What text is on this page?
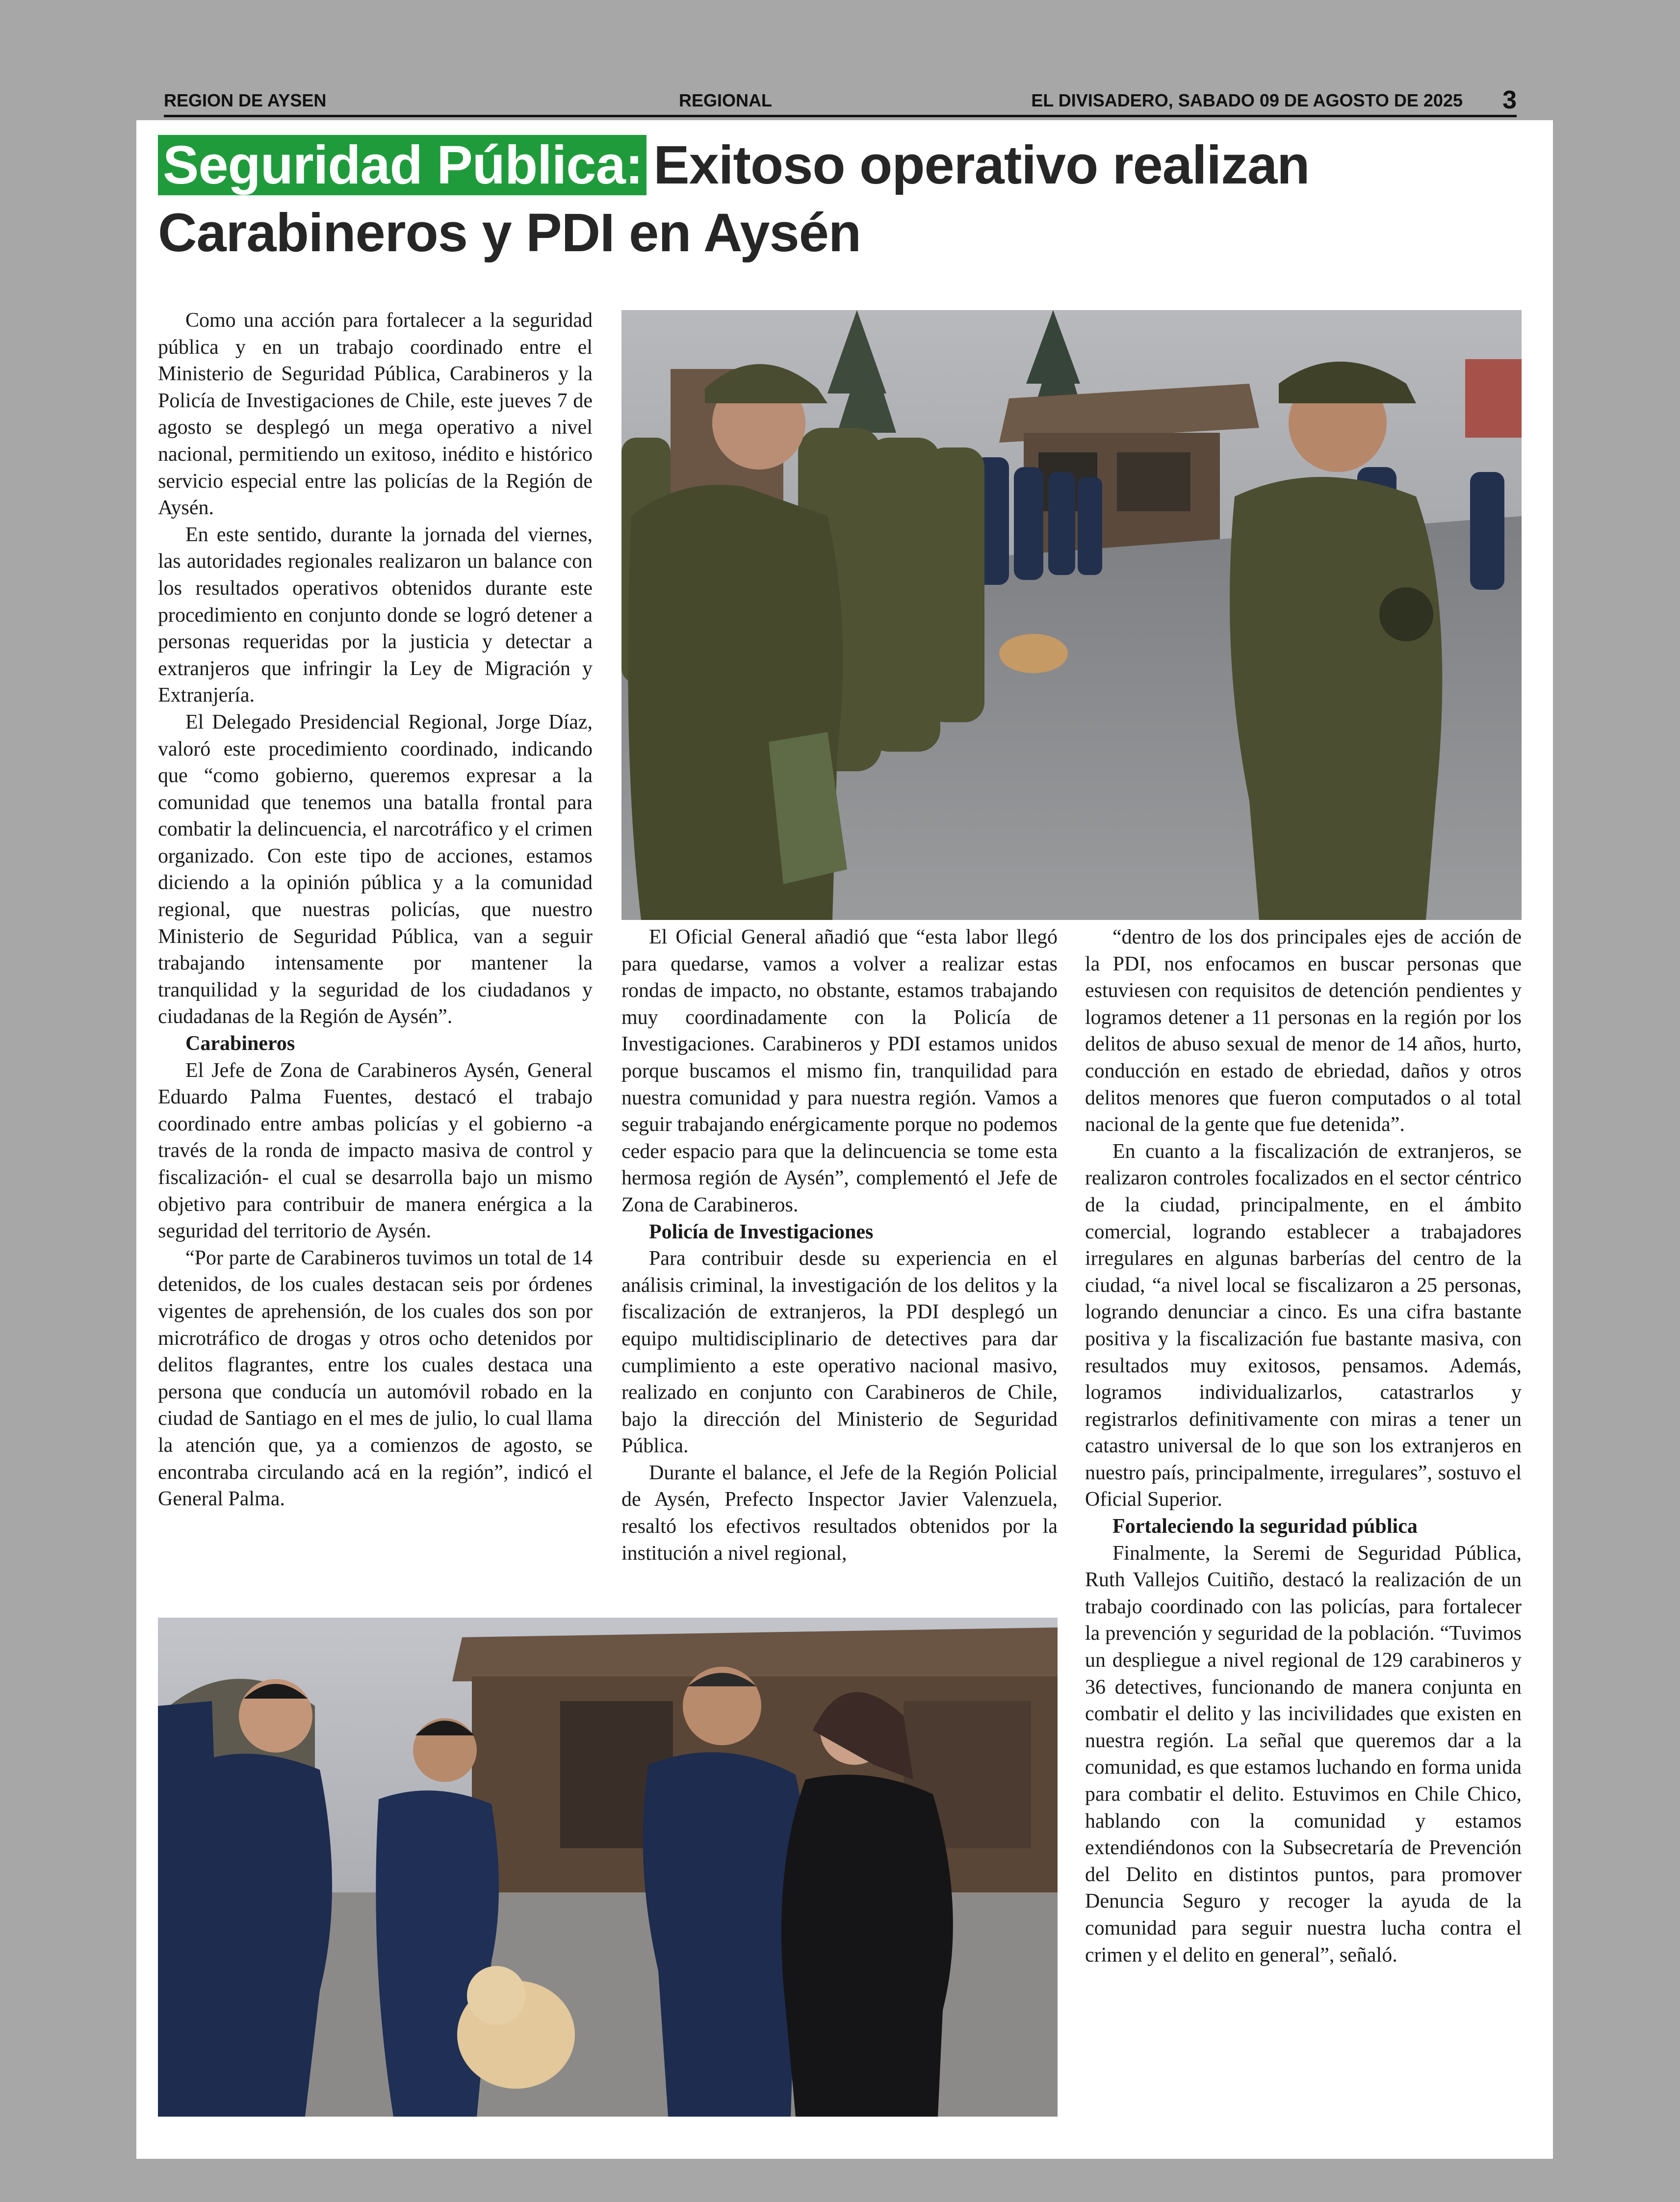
REGION DE AYSEN	REGIONAL	EL DIVISADERO, SABADO 09 DE AGOSTO DE 2025 3
Seguridad Pública: Exitoso operativo realizan
Carabineros y PDI en Aysén

Como una acción para fortalecer a la seguridad pública y en un trabajo coordinado entre el Ministerio de Seguridad Pública, Carabineros y la Policía de Investigaciones de Chile, este jueves 7 de agosto se desplegó un mega operativo a nivel nacional, permitiendo un exitoso, inédito e histórico servicio especial entre las policías de la Región de Aysén.

En este sentido, durante la jornada del viernes, las autoridades regionales realizaron un balance con los resultados operativos obtenidos durante este procedimiento en conjunto donde se logró detener a personas requeridas por la justicia y detectar a extranjeros que infringir la Ley de Migración y Extranjería.

El Delegado Presidencial Regional, Jorge Díaz, valoró este procedimiento coordinado, indicando que “como gobierno, queremos expresar a la comunidad que tenemos una batalla frontal para combatir la delincuencia, el narcotráfico y el crimen organizado. Con este tipo de acciones, estamos diciendo a la opinión pública y a la comunidad regional, que nuestras policías, que nuestro Ministerio de Seguridad Pública, van a seguir trabajando intensamente por mantener la tranquilidad y la seguridad de los ciudadanos y ciudadanas de la Región de Aysén”.

Carabineros

El Jefe de Zona de Carabineros Aysén, General Eduardo Palma Fuentes, destacó el trabajo coordinado entre ambas policías y el gobierno -a través de la ronda de impacto masiva de control y fiscalización- el cual se desarrolla bajo un mismo objetivo para contribuir de manera enérgica a la seguridad del territorio de Aysén.

“Por parte de Carabineros tuvimos un total de 14 detenidos, de los cuales destacan seis por órdenes vigentes de aprehensión, de los cuales dos son por microtráfico de drogas y otros ocho detenidos por delitos flagrantes, entre los cuales destaca una persona que conducía un automóvil robado en la ciudad de Santiago en el mes de julio, lo cual llama la atención que, ya a comienzos de agosto, se encontraba circulando acá en la región”, indicó el General Palma.

El Oficial General añadió que “esta labor llegó para quedarse, vamos a volver a realizar estas rondas de impacto, no obstante, estamos trabajando muy coordinadamente con la Policía de Investigaciones. Carabineros y PDI estamos unidos porque buscamos el mismo fin, tranquilidad para nuestra comunidad y para nuestra región. Vamos a seguir trabajando enérgicamente porque no podemos ceder espacio para que la delincuencia se tome esta hermosa región de Aysén”, complementó el Jefe de Zona de Carabineros.

Policía de Investigaciones

Para contribuir desde su experiencia en el análisis criminal, la investigación de los delitos y la fiscalización de extranjeros, la PDI desplegó un equipo multidisciplinario de detectives para dar cumplimiento a este operativo nacional masivo, realizado en conjunto con Carabineros de Chile, bajo la dirección del Ministerio de Seguridad Pública.

Durante el balance, el Jefe de la Región Policial de Aysén, Prefecto Inspector Javier Valenzuela, resaltó los efectivos resultados obtenidos por la institución a nivel regional,

“dentro de los dos principales ejes de acción de la PDI, nos enfocamos en buscar personas que estuviesen con requisitos de detención pendientes y logramos detener a 11 personas en la región por los delitos de abuso sexual de menor de 14 años, hurto, conducción en estado de ebriedad, daños y otros delitos menores que fueron computados o al total nacional de la gente que fue detenida”.

En cuanto a la fiscalización de extranjeros, se realizaron controles focalizados en el sector céntrico de la ciudad, principalmente, en el ámbito comercial, logrando establecer a trabajadores irregulares en algunas barberías del centro de la ciudad, “a nivel local se fiscalizaron a 25 personas, logrando denunciar a cinco. Es una cifra bastante positiva y la fiscalización fue bastante masiva, con resultados muy exitosos, pensamos. Además, logramos individualizarlos, catastrarlos y registrarlos definitivamente con miras a tener un catastro universal de lo que son los extranjeros en nuestro país, principalmente, irregulares”, sostuvo el Oficial Superior.

Fortaleciendo la seguridad pública

Finalmente, la Seremi de Seguridad Pública, Ruth Vallejos Cuitiño, destacó la realización de un trabajo coordinado con las policías, para fortalecer la prevención y seguridad de la población. “Tuvimos un despliegue a nivel regional de 129 carabineros y 36 detectives, funcionando de manera conjunta en combatir el delito y las incivilidades que existen en nuestra región. La señal que queremos dar a la comunidad, es que estamos luchando en forma unida para combatir el delito. Estuvimos en Chile Chico, hablando con la comunidad y estamos extendiéndonos con la Subsecretaría de Prevención del Delito en distintos puntos, para promover Denuncia Seguro y recoger la ayuda de la comunidad para seguir nuestra lucha contra el crimen y el delito en general”, señaló.
